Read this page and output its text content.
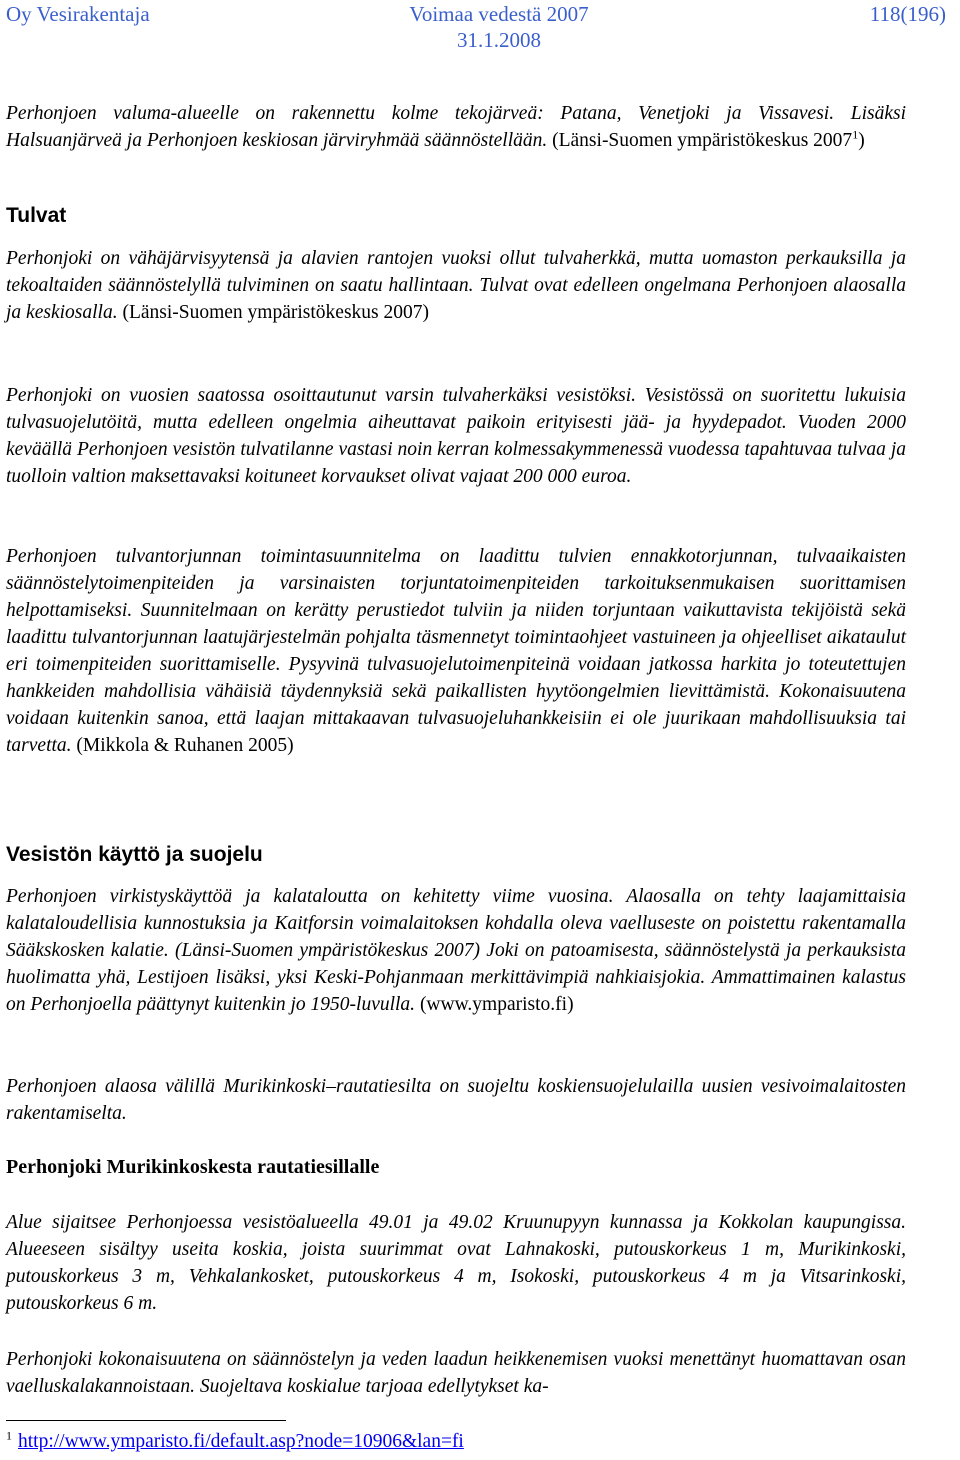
Oy Vesirakentaja	Voimaa vedestä 2007
31.1.2008
118(196)

Perhonjoen valuma-alueelle on rakennettu kolme tekojärveä: Patana, Venetjoki ja Vissavesi. Lisäksi Halsuanjärveä ja Perhonjoen keskiosan järviryhmää säännöstellään. (Länsi-Suomen ympäristökeskus 2007$^1$)

Tulvat

Perhonjoki on vähäjärvisyytensä ja alavien rantojen vuoksi ollut tulvaherkkä, mutta uomaston perkauksilla ja tekoaltaiden säännöstelyllä tulviminen on saatu hallintaan. Tulvat ovat edelleen ongelmana Perhonjoen alaosalla ja keskiosalla. (Länsi-Suomen ympäristökeskus 2007)

Perhonjoki on vuosien saatossa osoittautunut varsin tulvaherkäksi vesistöksi. Vesistössä on suoritettu lukuisia tulvasuojelutöitä, mutta edelleen ongelmia aiheuttavat paikoin erityisesti jää- ja hyydepadot. Vuoden 2000 keväällä Perhonjoen vesistön tulvatilanne vastasi noin kerran kolmessakymmenessä vuodessa tapahtuvaa tulvaa ja tuolloin valtion maksettavaksi koituneet korvaukset olivat vajaat 200 000 euroa.

Perhonjoen tulvantorjunnan toimintasuunnitelma on laadittu tulvien ennakkotorjunnan, tulvaaikaisten säännöstelytoimenpiteiden ja varsinaisten torjuntatoimenpiteiden tarkoituksenmukaisen suorittamisen helpottamiseksi. Suunnitelmaan on kerätty perustiedot tulviin ja niiden torjuntaan vaikuttavista tekijöistä sekä laadittu tulvantorjunnan laatujärjestelmän pohjalta täsmennetyt toimintaohjeet vastuineen ja ohjeelliset aikataulut eri toimenpiteiden suorittamiselle. Pysyvinä tulvasuojelutoimenpiteinä voidaan jatkossa harkita jo toteutettujen hankkeiden mahdollisia vähäisiä täydennyksiä sekä paikallisten hyytöongelmien lievittämistä. Kokonaisuutena voidaan kuitenkin sanoa, että laajan mittakaavan tulvasuojeluhankkeisiin ei ole juurikaan mahdollisuuksia tai tarvetta. (Mikkola & Ruhanen 2005)

Vesistön käyttö ja suojelu

Perhonjoen virkistyskäyttöä ja kalataloutta on kehitetty viime vuosina. Alaosalla on tehty laajamittaisia kalataloudellisia kunnostuksia ja Kaitforsin voimalaitoksen kohdalla oleva vaelluseste on poistettu rakentamalla Sääkskosken kalatie. (Länsi-Suomen ympäristökeskus 2007) Joki on patoamisesta, säännöstelystä ja perkauksista huolimatta yhä, Lestijoen lisäksi, yksi Keski-Pohjanmaan merkittävimpiä nahkiaisjokia. Ammattimainen kalastus on Perhonjoella päättynyt kuitenkin jo 1950-luvulla. (www.ymparisto.fi)

Perhonjoen alaosa välillä Murikinkoski–rautatiesilta on suojeltu koskiensuojelulailla uusien vesivoimalaitosten rakentamiselta.

Perhonjoki Murikinkoskesta rautatiesillalle

Alue sijaitsee Perhonjoessa vesistöalueella 49.01 ja 49.02 Kruunupyyn kunnassa ja Kokkolan kaupungissa. Alueeseen sisältyy useita koskia, joista suurimmat ovat Lahnakoski, putouskorkeus 1 m, Murikinkoski, putouskorkeus 3 m, Vehkalankosket, putouskorkeus 4 m, Isokoski, putouskorkeus 4 m ja Vitsarinkoski, putouskorkeus 6 m.

Perhonjoki kokonaisuutena on säännöstelyn ja veden laadun heikkenemisen vuoksi menettänyt huomattavan osan vaelluskalakannoistaan. Suojeltava koskialue tarjoaa edellytykset ka-

$^1$ http://www.ymparisto.fi/default.asp?node=10906&lan=fi
